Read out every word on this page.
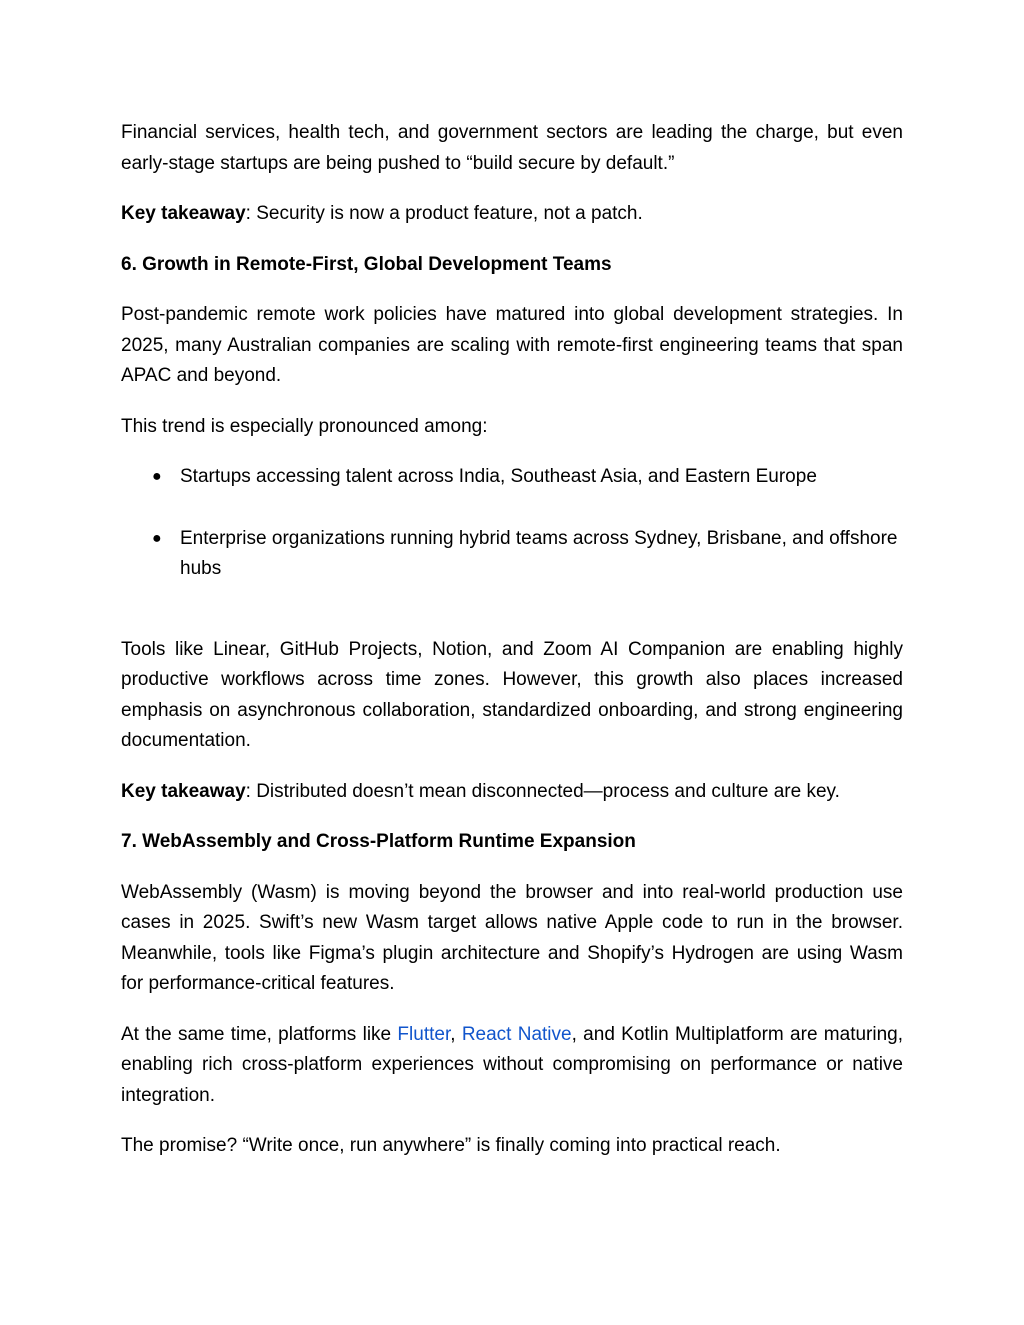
Financial services, health tech, and government sectors are leading the charge, but even early-stage startups are being pushed to “build secure by default.”

Key takeaway: Security is now a product feature, not a patch.

6. Growth in Remote-First, Global Development Teams

Post-pandemic remote work policies have matured into global development strategies. In 2025, many Australian companies are scaling with remote-first engineering teams that span APAC and beyond.

This trend is especially pronounced among:

● Startups accessing talent across India, Southeast Asia, and Eastern Europe
● Enterprise organizations running hybrid teams across Sydney, Brisbane, and offshore hubs

Tools like Linear, GitHub Projects, Notion, and Zoom AI Companion are enabling highly productive workflows across time zones. However, this growth also places increased emphasis on asynchronous collaboration, standardized onboarding, and strong engineering documentation.

Key takeaway: Distributed doesn’t mean disconnected—process and culture are key.

7. WebAssembly and Cross-Platform Runtime Expansion

WebAssembly (Wasm) is moving beyond the browser and into real-world production use cases in 2025. Swift’s new Wasm target allows native Apple code to run in the browser. Meanwhile, tools like Figma’s plugin architecture and Shopify’s Hydrogen are using Wasm for performance-critical features.

At the same time, platforms like Flutter, React Native, and Kotlin Multiplatform are maturing, enabling rich cross-platform experiences without compromising on performance or native integration.

The promise? “Write once, run anywhere” is finally coming into practical reach.
